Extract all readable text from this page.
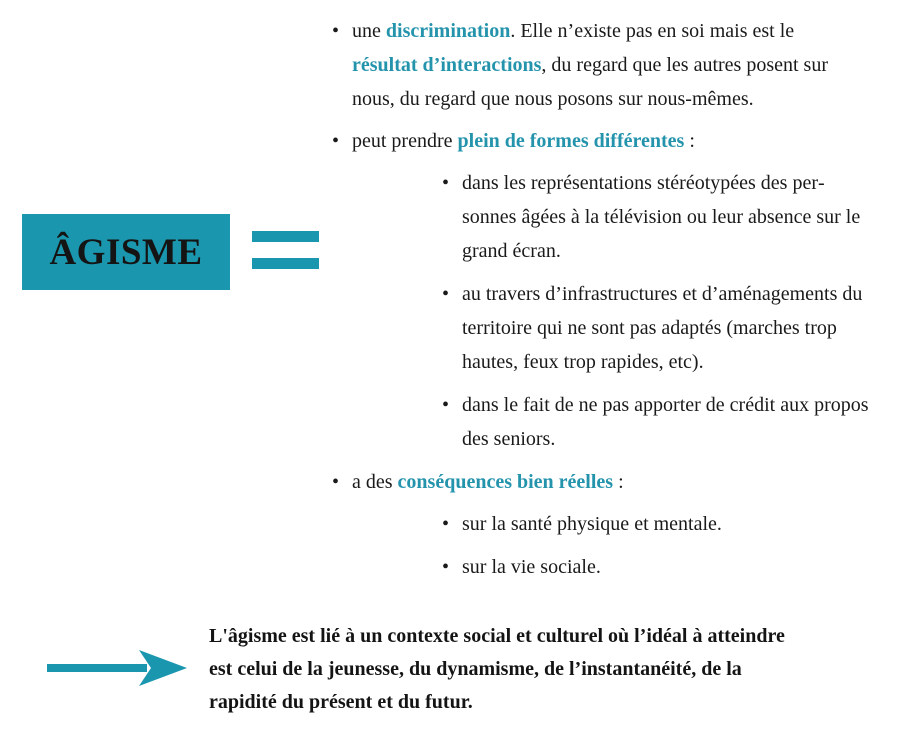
ÂGISME
• une discrimination. Elle n’existe pas en soi mais est le résultat d’interactions, du regard que les autres posent sur nous, du regard que nous posons sur nous-mêmes.
• peut prendre plein de formes différentes :
• dans les représentations stéréotypées des personnes âgées à la télévision ou leur absence sur le grand écran.
• au travers d’infrastructures et d’aménagements du territoire qui ne sont pas adaptés (marches trop hautes, feux trop rapides, etc).
• dans le fait de ne pas apporter de crédit aux propos des seniors.
• a des conséquences bien réelles :
• sur la santé physique et mentale.
• sur la vie sociale.
L'âgisme est lié à un contexte social et culturel où l’idéal à atteindre est celui de la jeunesse, du dynamisme, de l’instantanéité, de la rapidité du présent et du futur.
